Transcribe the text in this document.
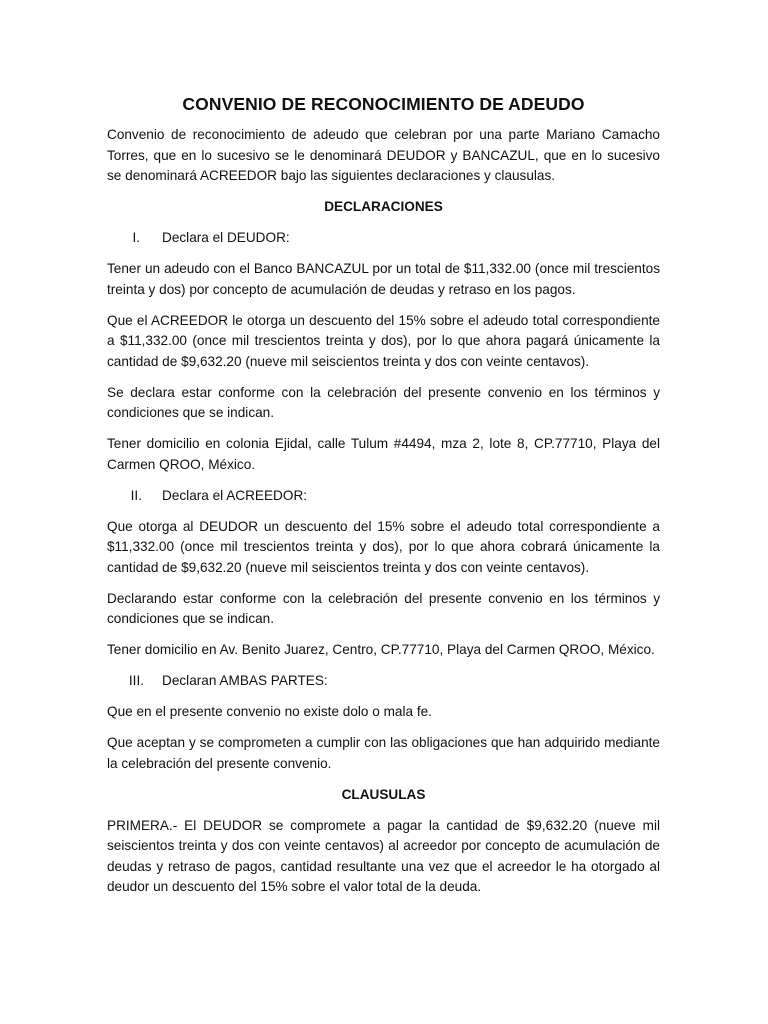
CONVENIO DE RECONOCIMIENTO DE ADEUDO

Convenio de reconocimiento de adeudo que celebran por una parte Mariano Camacho Torres, que en lo sucesivo se le denominará DEUDOR y BANCAZUL, que en lo sucesivo se denominará ACREEDOR bajo las siguientes declaraciones y clausulas.

DECLARACIONES
I.	Declara el DEUDOR:

Tener un adeudo con el Banco BANCAZUL por un total de $11,332.00 (once mil trescientos treinta y dos) por concepto de acumulación de deudas y retraso en los pagos.

Que el ACREEDOR le otorga un descuento del 15% sobre el adeudo total correspondiente a $11,332.00 (once mil trescientos treinta y dos), por lo que ahora pagará únicamente la cantidad de $9,632.20 (nueve mil seiscientos treinta y dos con veinte centavos).

Se declara estar conforme con la celebración del presente convenio en los términos y condiciones que se indican.

Tener domicilio en colonia Ejidal, calle Tulum #4494, mza 2, lote 8, CP.77710, Playa del Carmen QROO, México.

II.	Declara el ACREEDOR:

Que otorga al DEUDOR un descuento del 15% sobre el adeudo total correspondiente a $11,332.00 (once mil trescientos treinta y dos), por lo que ahora cobrará únicamente la cantidad de $9,632.20 (nueve mil seiscientos treinta y dos con veinte centavos).

Declarando estar conforme con la celebración del presente convenio en los términos y condiciones que se indican.

Tener domicilio en Av. Benito Juarez, Centro, CP.77710, Playa del Carmen QROO, México.

III.	Declaran AMBAS PARTES:

Que en el presente convenio no existe dolo o mala fe.

Que aceptan y se comprometen a cumplir con las obligaciones que han adquirido mediante la celebración del presente convenio.

CLAUSULAS

PRIMERA.- El DEUDOR se compromete a pagar la cantidad de $9,632.20 (nueve mil seiscientos treinta y dos con veinte centavos) al acreedor por concepto de acumulación de deudas y retraso de pagos, cantidad resultante una vez que el acreedor le ha otorgado al deudor un descuento del 15% sobre el valor total de la deuda.
